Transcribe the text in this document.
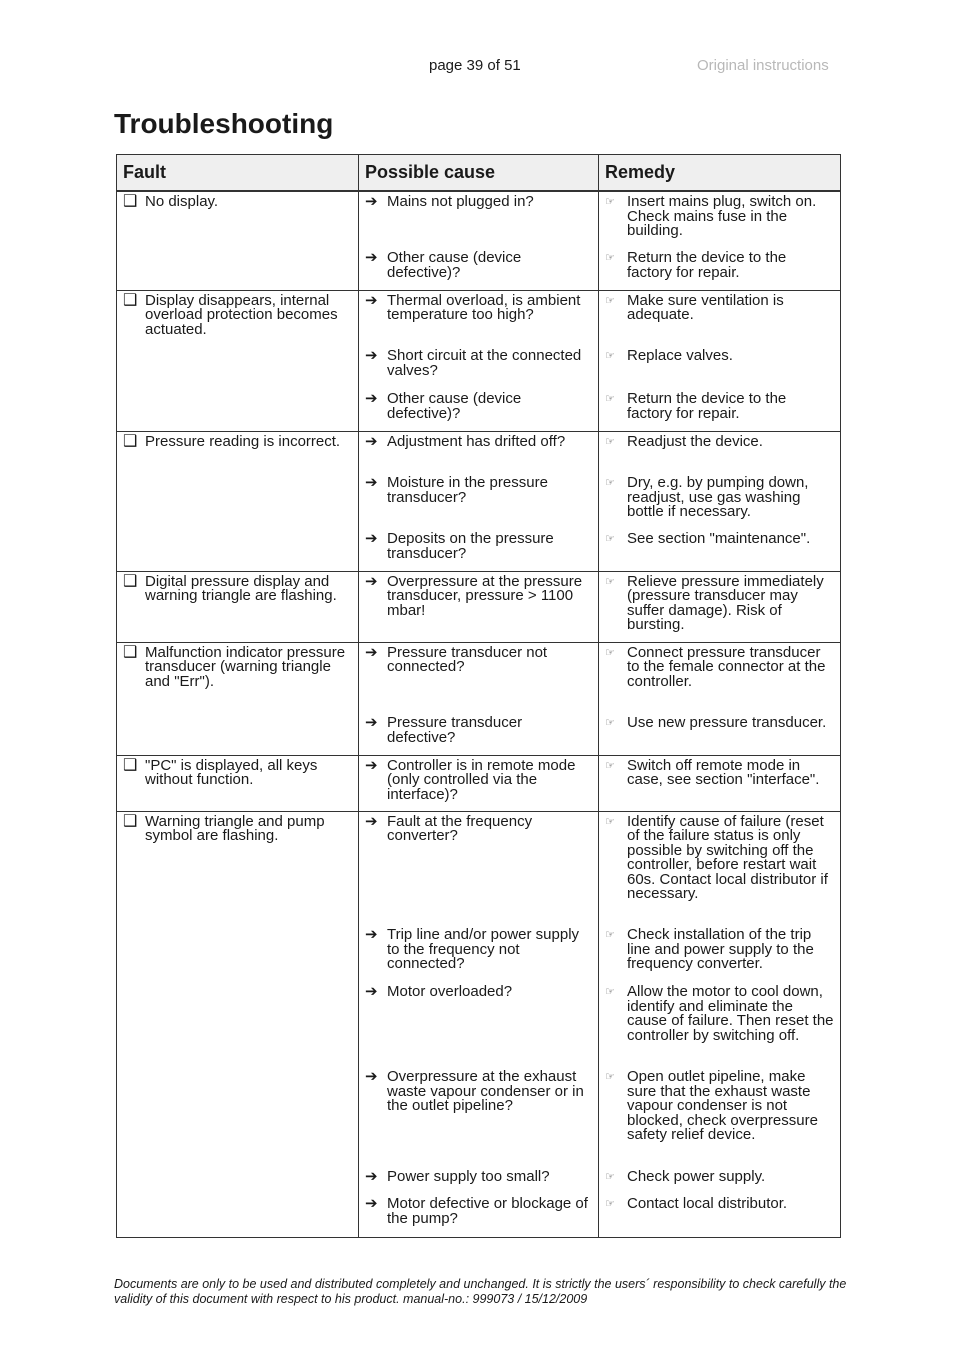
page 39 of 51	Original instructions
Troubleshooting
Fault	Possible cause	Remedy

❑ No display.	➔ Mains not plugged in?	☞ Insert mains plug, switch on. Check mains fuse in the building.

	➔ Other cause (device defective)?	☞ Return the device to the factory for repair.

❑ Display disappears, internal overload protection becomes actuated.	➔ Thermal overload, is ambient temperature too high?	☞ Make sure ventilation is adequate.

	➔ Short circuit at the connected valves?	☞ Replace valves.

	➔ Other cause (device defective)?	☞ Return the device to the factory for repair.

❑ Pressure reading is incorrect.	➔ Adjustment has drifted off?	☞ Readjust the device.

	➔ Moisture in the pressure transducer?	☞ Dry, e.g. by pumping down, readjust, use gas washing bottle if necessary.

	➔ Deposits on the pressure transducer?	☞ See section "maintenance".

❑ Digital pressure display and warning triangle are flashing.	➔ Overpressure at the pressure transducer, pressure > 1100 mbar!	☞ Relieve pressure immediately (pressure transducer may suffer damage). Risk of bursting.

❑ Malfunction indicator pressure transducer (warning triangle and "Err").	➔ Pressure transducer not connected?	☞ Connect pressure transducer to the female connector at the controller.

	➔ Pressure transducer defective?	☞ Use new pressure transducer.

❑ "PC" is displayed, all keys without function.	➔ Controller is in remote mode (only controlled via the interface)?	☞ Switch off remote mode in case, see section "interface".

❑ Warning triangle and pump symbol are flashing.	➔ Fault at the frequency converter?	☞ Identify cause of failure (reset of the failure status is only possible by switching off the controller, before restart wait 60s. Contact local distributor if necessary.

	➔ Trip line and/or power supply to the frequency not connected?	☞ Check installation of the trip line and power supply to the frequency converter.

	➔ Motor overloaded?	☞ Allow the motor to cool down, identify and eliminate the cause of failure. Then reset the controller by switching off.

	➔ Overpressure at the exhaust waste vapour condenser or in the outlet pipeline?	☞ Open outlet pipeline, make sure that the exhaust waste vapour condenser is not blocked, check overpressure safety relief device.

	➔ Power supply too small?	☞ Check power supply.

	➔ Motor defective or blockage of the pump?	☞ Contact local distributor.
Documents are only to be used and distributed completely and unchanged. It is strictly the users´ responsibility to check carefully the validity of this document with respect to his product. manual-no.: 999073 / 15/12/2009
